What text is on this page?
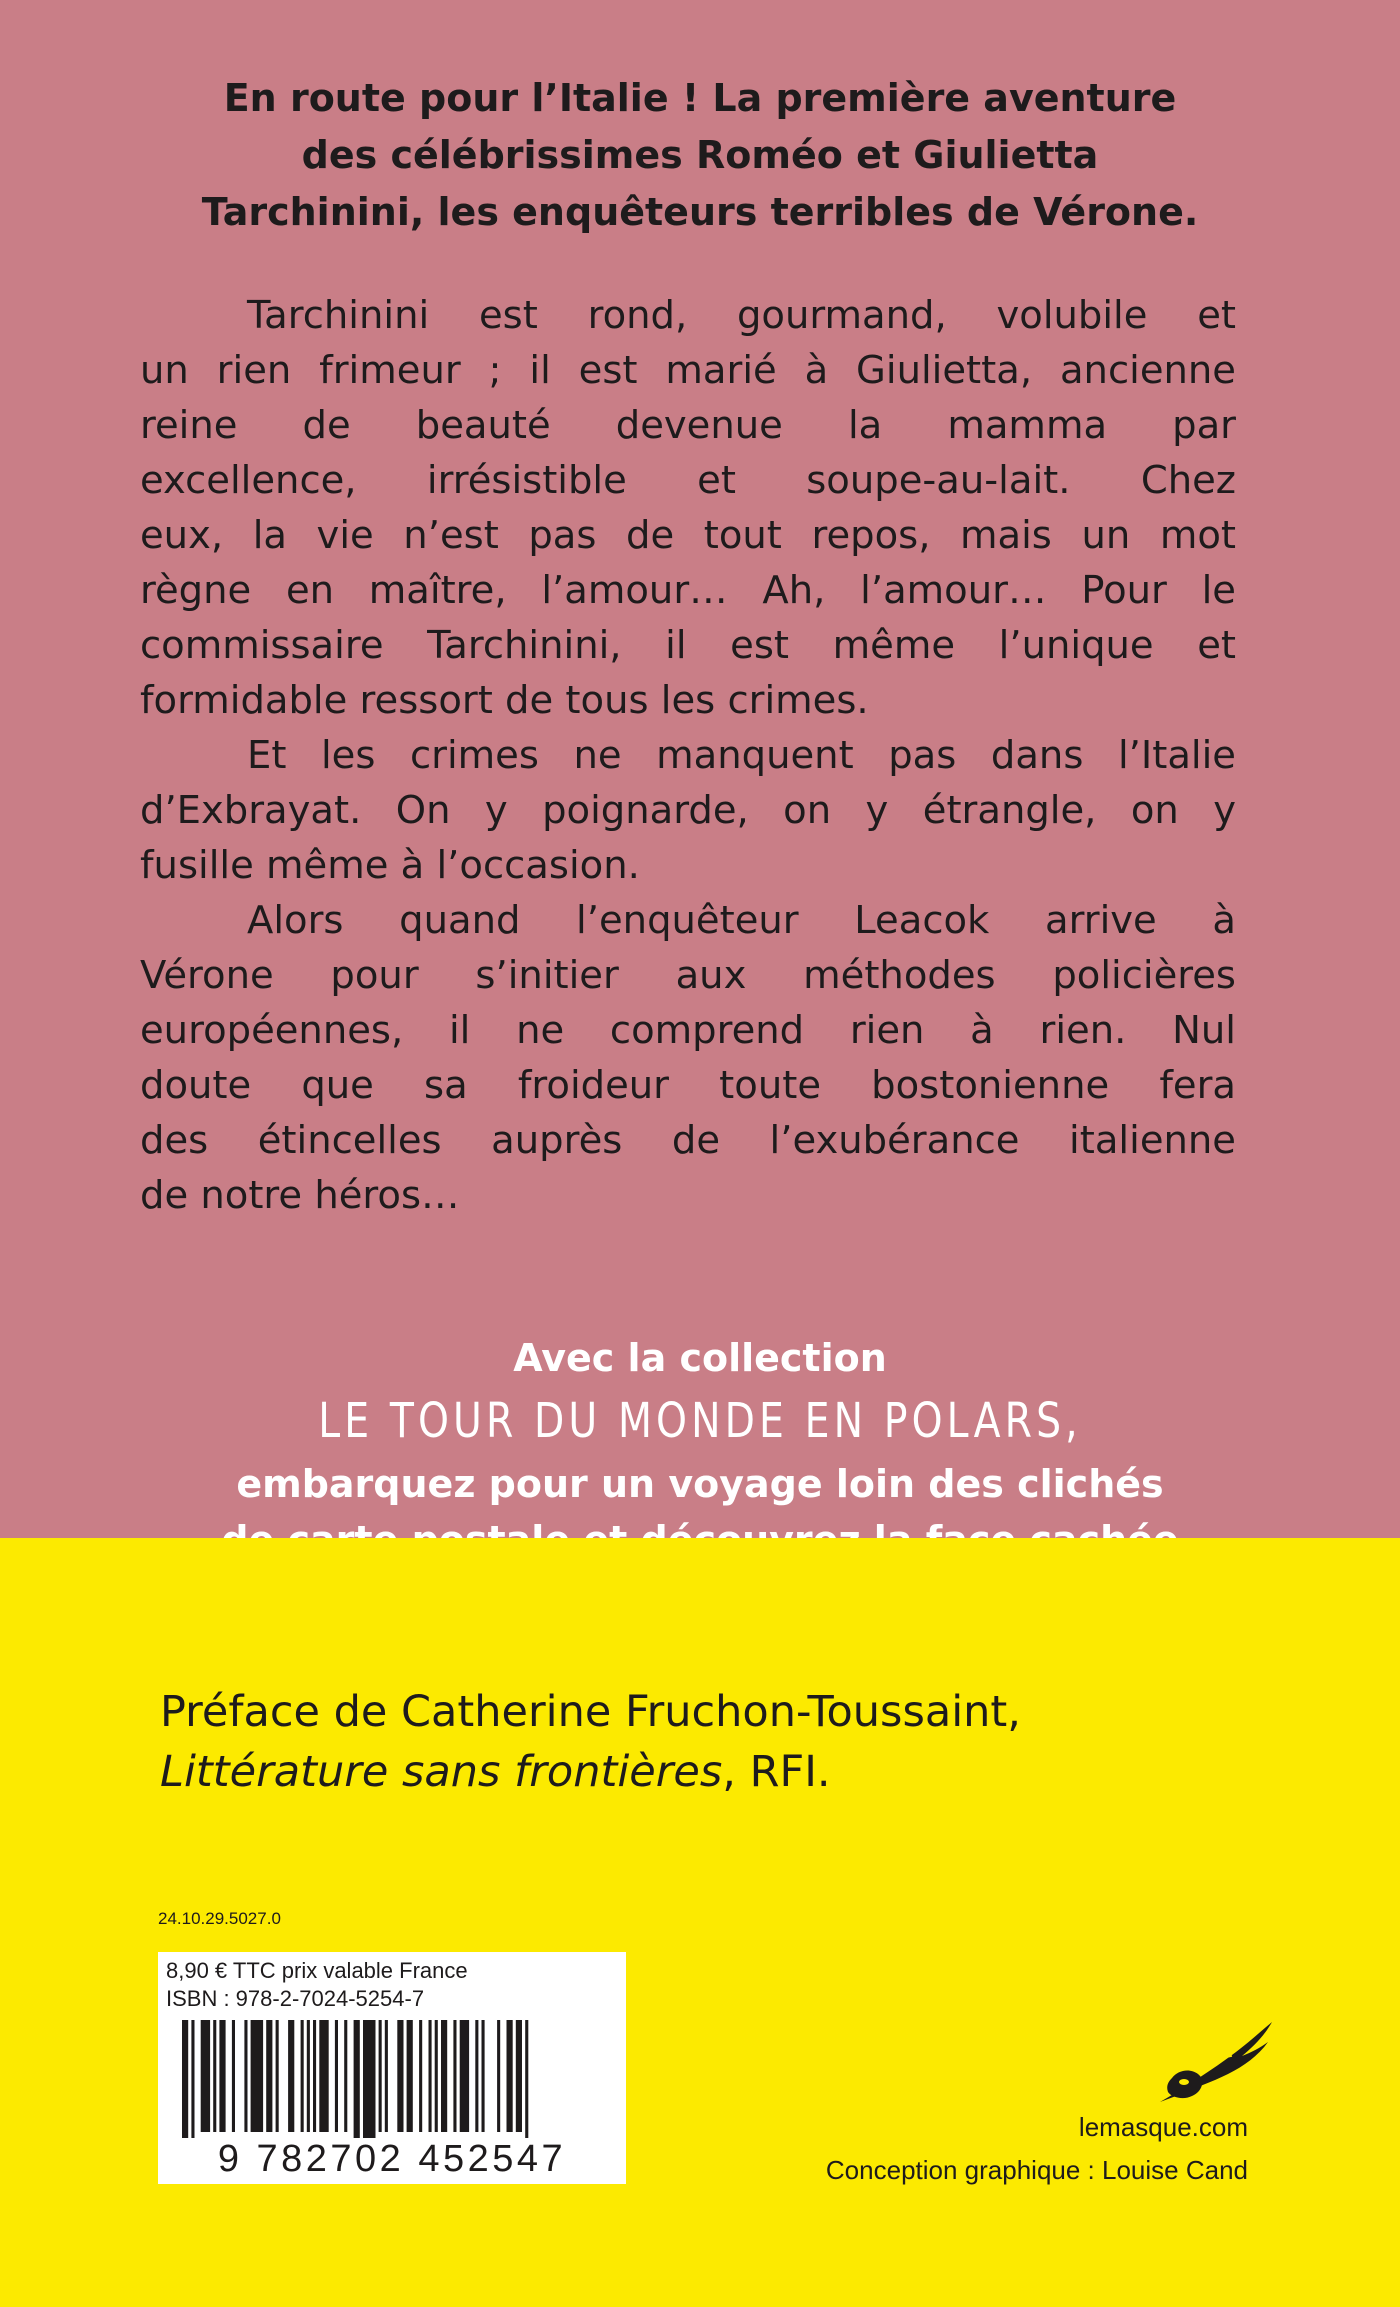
En route pour l’Italie ! La première aventure
des célébrissimes Roméo et Giulietta
Tarchinini, les enquêteurs terribles de Vérone.

Tarchinini est rond, gourmand, volubile et
un rien frimeur ; il est marié à Giulietta, ancienne
reine de beauté devenue la mamma par
excellence, irrésistible et soupe-au-lait. Chez
eux, la vie n’est pas de tout repos, mais un mot
règne en maître, l’amour… Ah, l’amour… Pour le
commissaire Tarchinini, il est même l’unique et
formidable ressort de tous les crimes.

Et les crimes ne manquent pas dans l’Italie
d’Exbrayat. On y poignarde, on y étrangle, on y
fusille même à l’occasion.

Alors quand l’enquêteur Leacok arrive à
Vérone pour s’initier aux méthodes policières
européennes, il ne comprend rien à rien. Nul
doute que sa froideur toute bostonienne fera
des étincelles auprès de l’exubérance italienne
de notre héros…

Avec la collection
LE TOUR DU MONDE EN POLARS,
embarquez pour un voyage loin des clichés

Préface de Catherine Fruchon-Toussaint,
Littérature sans frontières, RFI.

24.10.29.5027.0
8,90 € TTC prix valable France
ISBN : 978-2-7024-5254-7
9 782702 452547
lemasque.com
Conception graphique : Louise Cand
